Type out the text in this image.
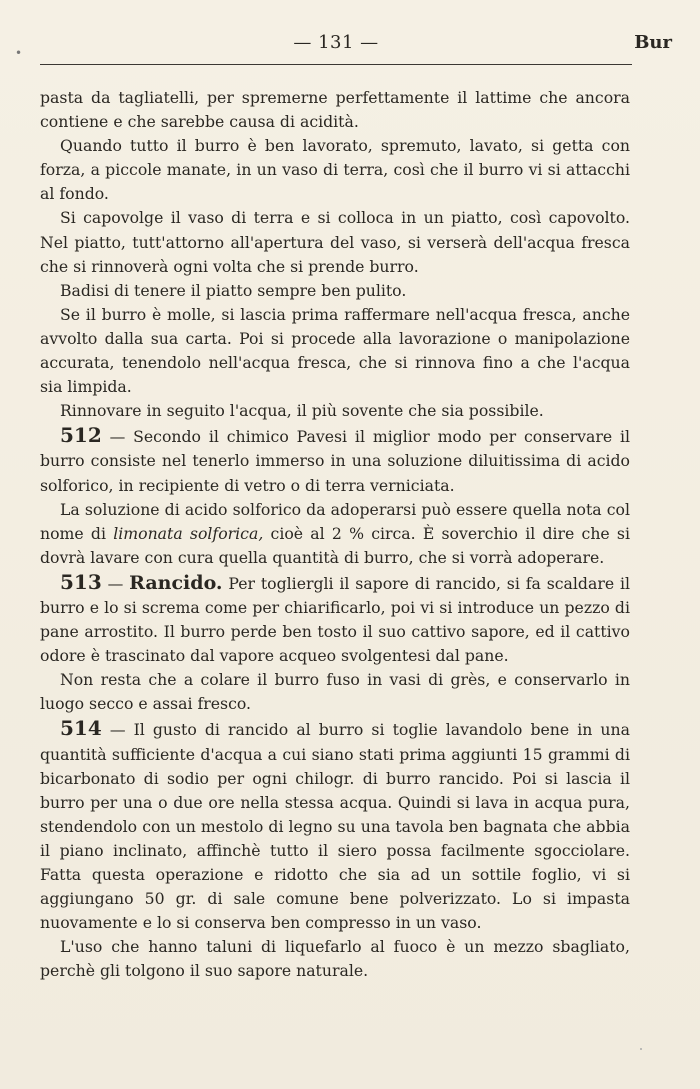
•	— 131 —	Bur

pasta da tagliatelli, per spremerne perfettamente il lattime che ancora contiene e che sarebbe causa di acidità.

Quando tutto il burro è ben lavorato, spremuto, lavato, si getta con forza, a piccole manate, in un vaso di terra, così che il burro vi si attacchi al fondo.

Si capovolge il vaso di terra e si colloca in un piatto, così capovolto. Nel piatto, tutt'attorno all'apertura del vaso, si verserà dell'acqua fresca che si rinnoverà ogni volta che si prende burro.

Badisi di tenere il piatto sempre ben pulito.

Se il burro è molle, si lascia prima raffermare nell'acqua fresca, anche avvolto dalla sua carta. Poi si procede alla lavorazione o manipolazione accurata, tenendolo nell'acqua fresca, che si rinnova fino a che l'acqua sia limpida.

Rinnovare in seguito l'acqua, il più sovente che sia possibile.

512 — Secondo il chimico Pavesi il miglior modo per conservare il burro consiste nel tenerlo immerso in una soluzione diluitissima di acido solforico, in recipiente di vetro o di terra verniciata.

La soluzione di acido solforico da adoperarsi può essere quella nota col nome di limonata solforica, cioè al 2 % circa. È soverchio il dire che si dovrà lavare con cura quella quantità di burro, che si vorrà adoperare.

513 — Rancido. Per togliergli il sapore di rancido, si fa scaldare il burro e lo si screma come per chiarificarlo, poi vi si introduce un pezzo di pane arrostito. Il burro perde ben tosto il suo cattivo sapore, ed il cattivo odore è trascinato dal vapore acqueo svolgentesi dal pane.

Non resta che a colare il burro fuso in vasi di grès, e conservarlo in luogo secco e assai fresco.

514 — Il gusto di rancido al burro si toglie lavandolo bene in una quantità sufficiente d'acqua a cui siano stati prima aggiunti 15 grammi di bicarbonato di sodio per ogni chilogr. di burro rancido. Poi si lascia il burro per una o due ore nella stessa acqua. Quindi si lava in acqua pura, stendendolo con un mestolo di legno su una tavola ben bagnata che abbia il piano inclinato, affinchè tutto il siero possa facilmente sgocciolare. Fatta questa operazione e ridotto che sia ad un sottile foglio, vi si aggiungano 50 gr. di sale comune bene polverizzato. Lo si impasta nuovamente e lo si conserva ben compresso in un vaso.

L'uso che hanno taluni di liquefarlo al fuoco è un mezzo sbagliato, perchè gli tolgono il suo sapore naturale.
